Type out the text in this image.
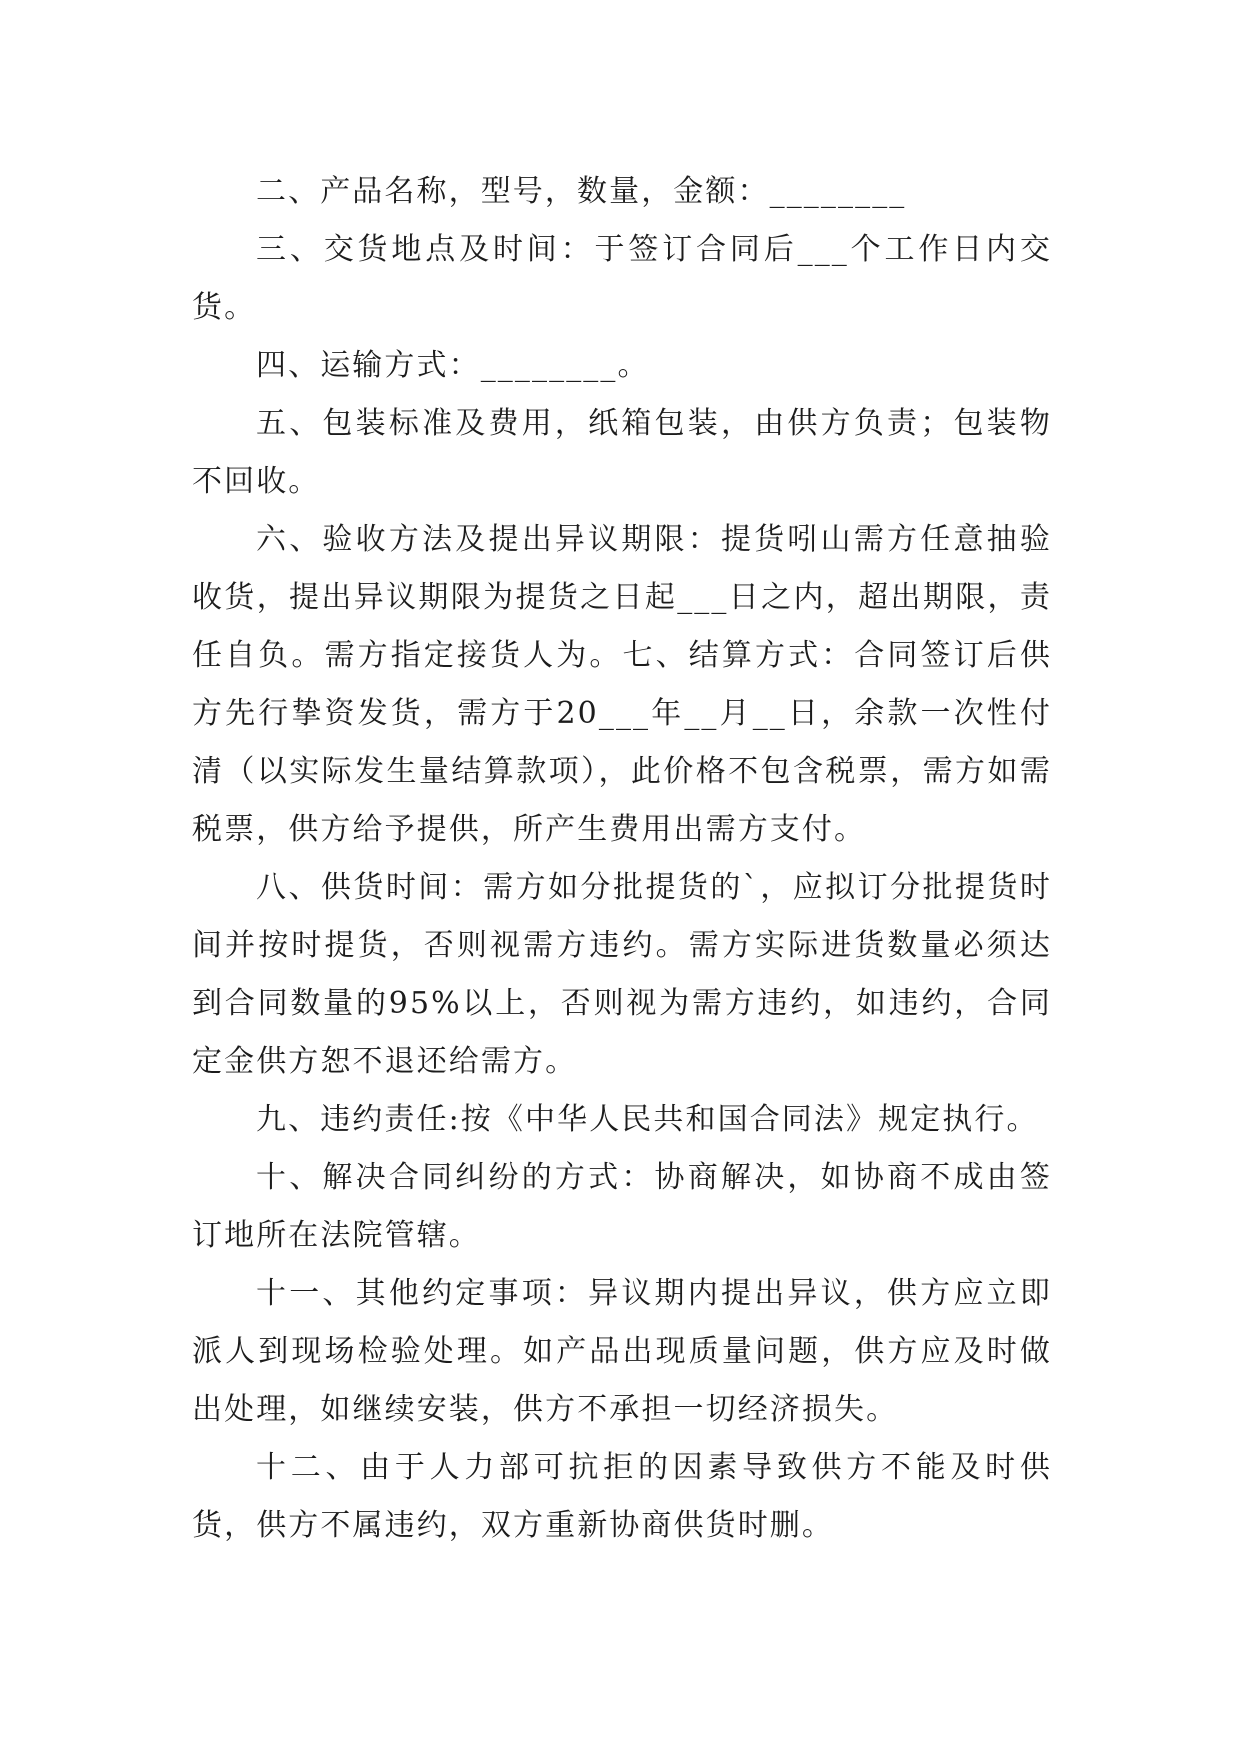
二、产品名称，型号，数量，金额：________

三、交货地点及时间：于签订合同后___个工作日内交货。

四、运输方式：________。

五、包装标准及费用，纸箱包装，由供方负责；包装物不回收。

六、验收方法及提出异议期限：提货吲山需方任意抽验收货，提出异议期限为提货之日起___日之内，超出期限，责任自负。需方指定接货人为。七、结算方式：合同签订后供方先行挚资发货，需方于20___年__月__日，余款一次性付清（以实际发生量结算款项），此价格不包含税票，需方如需税票，供方给予提供，所产生费用出需方支付。

八、供货时间：需方如分批提货的`，应拟订分批提货时间并按时提货，否则视需方违约。需方实际进货数量必须达到合同数量的95%以上，否则视为需方违约，如违约，合同定金供方恕不退还给需方。

九、违约责任:按《中华人民共和国合同法》规定执行。

十、解决合同纠纷的方式：协商解决，如协商不成由签订地所在法院管辖。

十一、其他约定事项：异议期内提出异议，供方应立即派人到现场检验处理。如产品出现质量问题，供方应及时做出处理，如继续安装，供方不承担一切经济损失。

十二、由于人力部可抗拒的因素导致供方不能及时供货，供方不属违约，双方重新协商供货时删。
